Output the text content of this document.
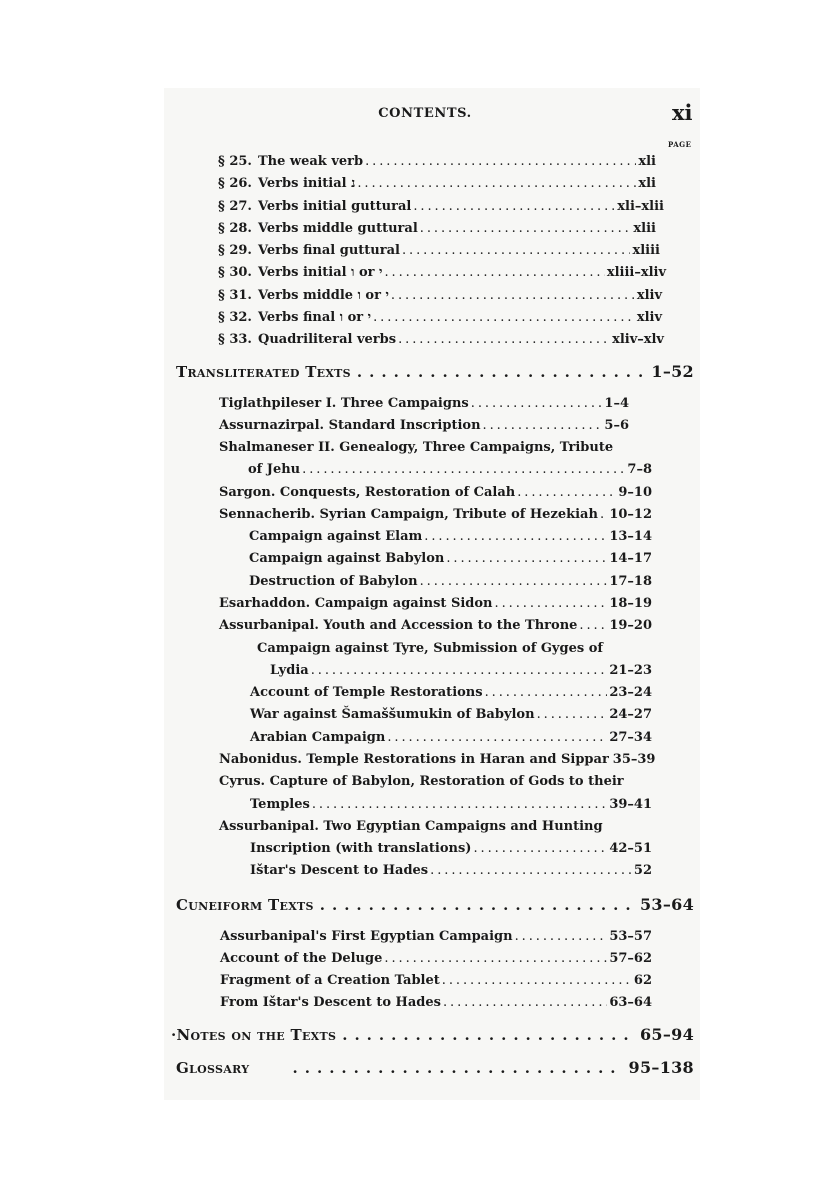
CONTENTS.	xi
PAGE
§ 25. The weak verb . . .	xli
§ 26. Verbs initial נ . . .	xli
§ 27. Verbs initial guttural . . .	xli–xlii
§ 28. Verbs middle guttural . . .	xlii
§ 29. Verbs final guttural . . .	xliii
§ 30. Verbs initial ו or י . . .	xliii–xliv
§ 31. Verbs middle ו or י . . .	xliv
§ 32. Verbs final ו or י . . .	xliv
§ 33. Quadriliteral verbs . . .	xliv–xlv
Transliterated Texts .....	1–52
Tiglathpileser I. Three Campaigns . . .	1–4
Assurnazirpal. Standard Inscription . . .	5–6
Shalmaneser II. Genealogy, Three Campaigns, Tribute
of Jehu . . .	7–8
Sargon. Conquests, Restoration of Calah . . .	9–10
Sennacherib. Syrian Campaign, Tribute of Hezekiah . . . 10–12
Campaign against Elam . . .	13–14
Campaign against Babylon . . .	14–17
Destruction of Babylon . . .	17–18
Esarhaddon. Campaign against Sidon . . .	18–19
Assurbanipal. Youth and Accession to the Throne . . . 19–20
Campaign against Tyre, Submission of Gyges of
Lydia . . .	21–23
Account of Temple Restorations . . .	23–24
War against Šamaššumukin of Babylon . . .	24–27
Arabian Campaign . . .	27–34
Nabonidus. Temple Restorations in Haran and Sippar 35–39
Cyrus. Capture of Babylon, Restoration of Gods to their
Temples . . .	39–41
Assurbanipal. Two Egyptian Campaigns and Hunting
Inscription (with translations) . . .	42–51
Ištar's Descent to Hades . . .	52
Cuneiform Texts .....	53–64
Assurbanipal's First Egyptian Campaign . . .	53–57
Account of the Deluge . . .	57–62
Fragment of a Creation Tablet . . .	62
From Ištar's Descent to Hades . . .	63–64
·Notes on the Texts .....	65–94
Glossary .....	95–138
